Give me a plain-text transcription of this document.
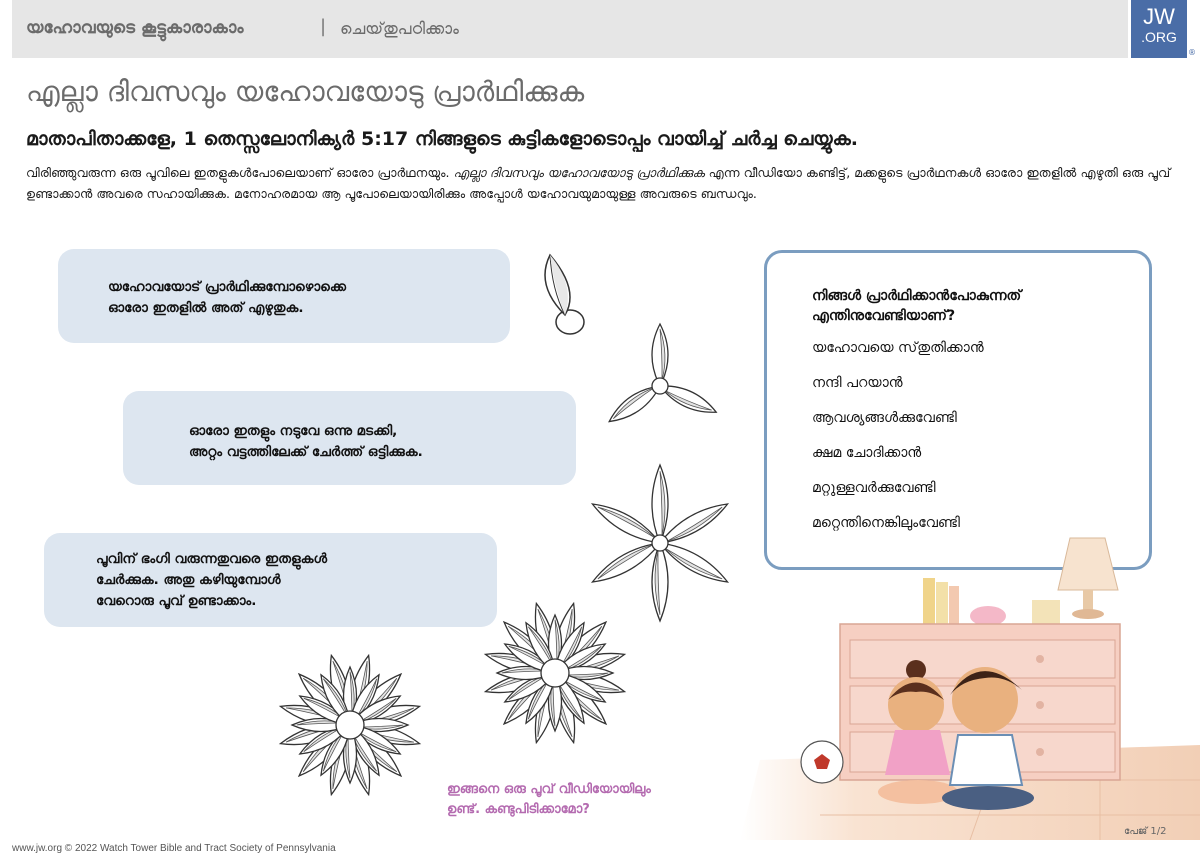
യഹോവയുടെ കൂട്ടുകാരാകാം	| ചെയ്‌തുപഠിക്കാം	JW
.ORG
®
എല്ലാ ദിവസവും യഹോവയോടു പ്രാർഥിക്കുക
മാതാപിതാക്കളേ, 1 തെസ്സലോനിക്യർ 5:17 നിങ്ങളുടെ കുട്ടികളോടൊപ്പം വായിച്ച് ചർച്ച ചെയ്യുക.
വിരിഞ്ഞുവരുന്ന ഒരു പൂവിലെ ഇതളുകൾപോലെയാണ് ഓരോ പ്രാർഥനയും. എല്ലാ ദിവസവും യഹോവയോടു പ്രാർഥിക്കുക എന്ന വീഡിയോ കണ്ടിട്ട്, മക്കളുടെ പ്രാർഥനകൾ ഓരോ ഇതളിൽ എഴുതി ഒരു പൂവ് ഉണ്ടാക്കാൻ അവരെ സഹായിക്കുക. മനോഹരമായ ആ പൂപോലെയായിരിക്കും അപ്പോൾ യഹോവയുമായുള്ള അവരുടെ ബന്ധവും.
യഹോവയോട് പ്രാർഥിക്കുമ്പോഴൊക്കെ
ഓരോ ഇതളിൽ അത് എഴുതുക.
ഓരോ ഇതളും നടുവേ ഒന്നു മടക്കി,
അറ്റം വട്ടത്തിലേക്ക് ചേർത്ത് ഒട്ടിക്കുക.
പൂവിന് ഭംഗി വരുന്നതുവരെ ഇതളുകൾ
ചേർക്കുക. അതു കഴിയുമ്പോൾ
വേറൊരു പൂവ് ഉണ്ടാക്കാം.
നിങ്ങൾ പ്രാർഥിക്കാൻപോകുന്നത്
എന്തിനുവേണ്ടിയാണ്?
യഹോവയെ സ്‌തുതിക്കാൻ
നന്ദി പറയാൻ
ആവശ്യങ്ങൾക്കുവേണ്ടി
ക്ഷമ ചോദിക്കാൻ
മറ്റുള്ളവർക്കുവേണ്ടി
മറ്റെന്തിനെങ്കിലുംവേണ്ടി
ഇങ്ങനെ ഒരു പൂവ് വീഡിയോയിലും
ഉണ്ട്. കണ്ടുപിടിക്കാമോ?
www.jw.org © 2022 Watch Tower Bible and Tract Society of Pennsylvania
പേജ് 1/2
